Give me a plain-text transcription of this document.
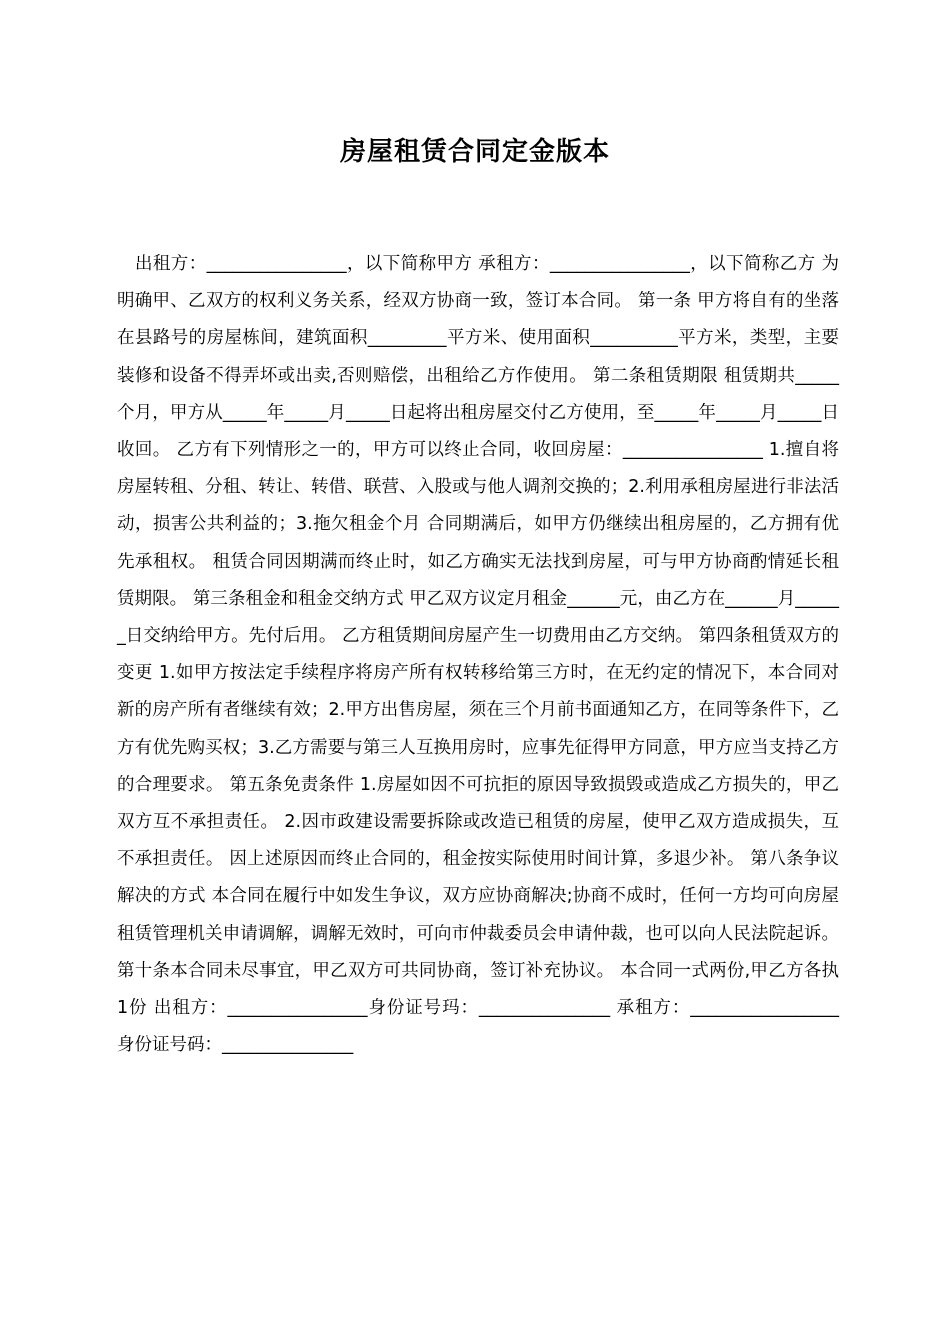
房屋租赁合同定金版本
出租方：________________，以下简称甲方 承租方：________________，以下简称乙方 为明确甲、乙双方的权利义务关系，经双方协商一致，签订本合同。 第一条 甲方将自有的坐落在县路号的房屋栋间，建筑面积_________平方米、使用面积__________平方米，类型，主要装修和设备不得弄坏或出卖,否则赔偿，出租给乙方作使用。 第二条租赁期限 租赁期共_____个月，甲方从_____年_____月_____日起将出租房屋交付乙方使用，至_____年_____月_____日收回。 乙方有下列情形之一的，甲方可以终止合同，收回房屋：________________ 1.擅自将房屋转租、分租、转让、转借、联营、入股或与他人调剂交换的；2.利用承租房屋进行非法活动，损害公共利益的；3.拖欠租金个月 合同期满后，如甲方仍继续出租房屋的，乙方拥有优先承租权。 租赁合同因期满而终止时，如乙方确实无法找到房屋，可与甲方协商酌情延长租赁期限。 第三条租金和租金交纳方式 甲乙双方议定月租金______元，由乙方在______月______日交纳给甲方。先付后用。 乙方租赁期间房屋产生一切费用由乙方交纳。 第四条租赁双方的变更 1.如甲方按法定手续程序将房产所有权转移给第三方时，在无约定的情况下，本合同对新的房产所有者继续有效；2.甲方出售房屋，须在三个月前书面通知乙方，在同等条件下，乙方有优先购买权；3.乙方需要与第三人互换用房时，应事先征得甲方同意，甲方应当支持乙方的合理要求。 第五条免责条件 1.房屋如因不可抗拒的原因导致损毁或造成乙方损失的，甲乙双方互不承担责任。 2.因市政建设需要拆除或改造已租赁的房屋，使甲乙双方造成损失，互不承担责任。 因上述原因而终止合同的，租金按实际使用时间计算，多退少补。 第八条争议解决的方式 本合同在履行中如发生争议，双方应协商解决;协商不成时，任何一方均可向房屋租赁管理机关申请调解，调解无效时，可向市仲裁委员会申请仲裁，也可以向人民法院起诉。 第十条本合同未尽事宜，甲乙双方可共同协商，签订补充协议。 本合同一式两份,甲乙方各执1份 出租方：________________身份证号玛：_______________ 承租方：_________________身份证号码：_______________
